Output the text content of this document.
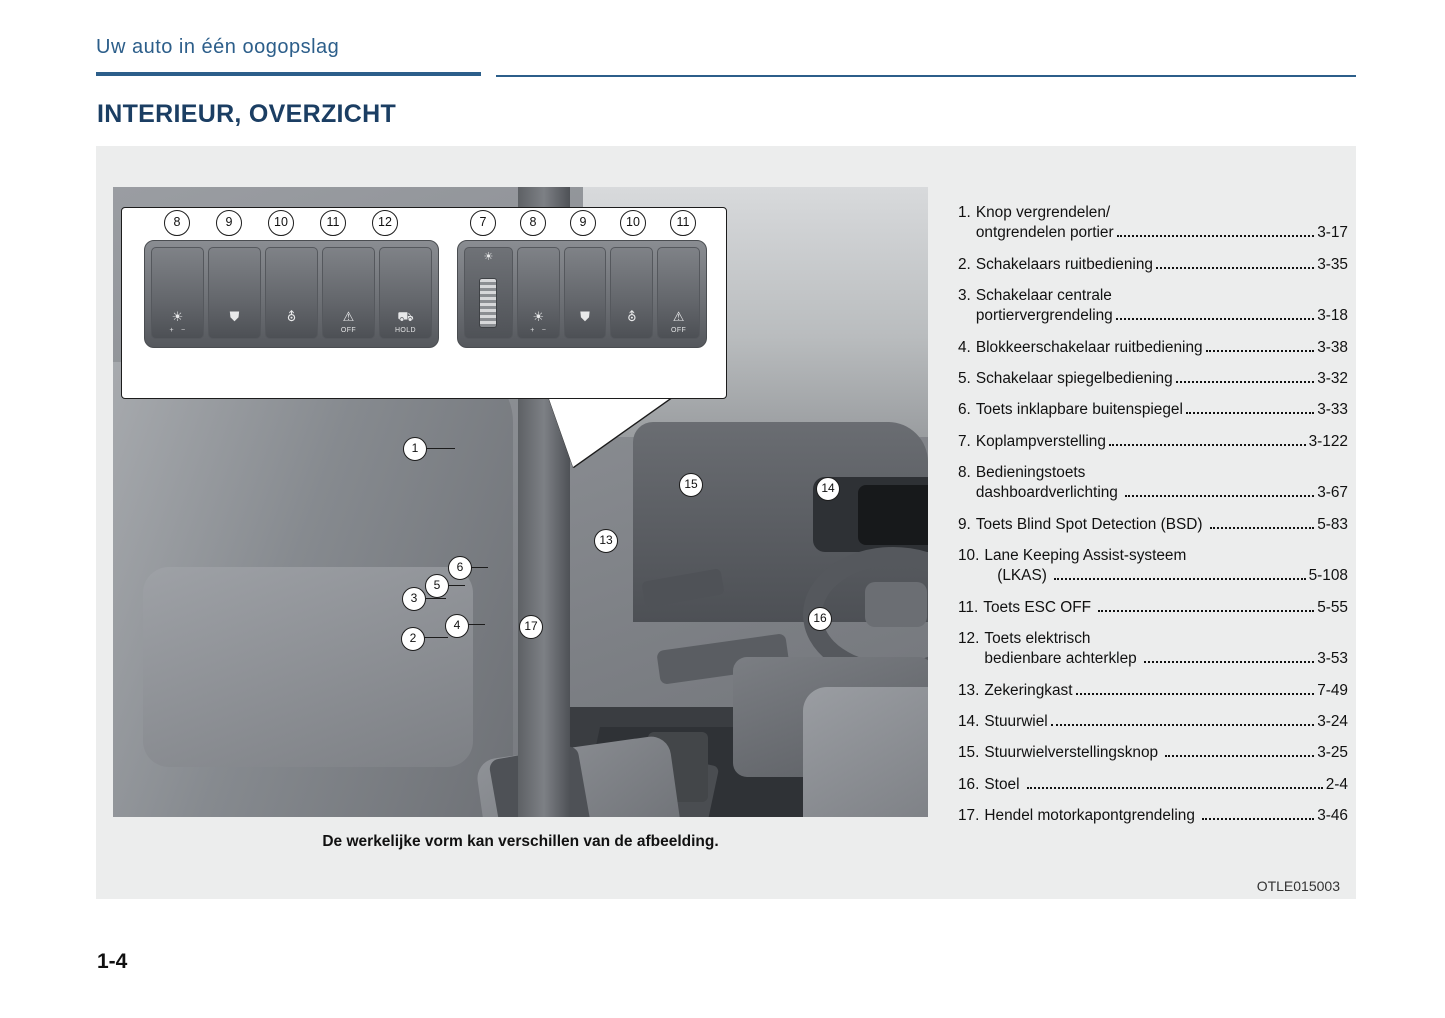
Uw auto in één oogopslag
INTERIEUR, OVERZICHT
☀
+   −
⛊	⛢	⚠
OFF
⛟
HOLD
☀
☀
+   −
⛊	⛢	⚠
OFF
8	9	10	11	12	7	8	9	10	11
1
2
3
4
5
6
13
14
15
16
17
De werkelijke vorm kan verschillen van de afbeelding.
OTLE015003
1. Knop vergrendelen/
ontgrendelen portier	3-17
2. Schakelaars ruitbediening	3-35
3. Schakelaar centrale
portiervergrendeling	3-18
4. Blokkeerschakelaar ruitbediening	3-38
5. Schakelaar spiegelbediening	3-32
6. Toets inklapbare buitenspiegel	3-33
7. Koplampverstelling	3-122
8. Bedieningstoets
dashboardverlichting	3-67
9. Toets Blind Spot Detection (BSD)	5-83
10. Lane Keeping Assist-systeem
(LKAS)	5-108
11. Toets ESC OFF	5-55
12. Toets elektrisch
bedienbare achterklep	3-53
13. Zekeringkast	7-49
14. Stuurwiel	3-24
15. Stuurwielverstellingsknop	3-25
16. Stoel	2-4
17. Hendel motorkapontgrendeling	3-46
1-4
